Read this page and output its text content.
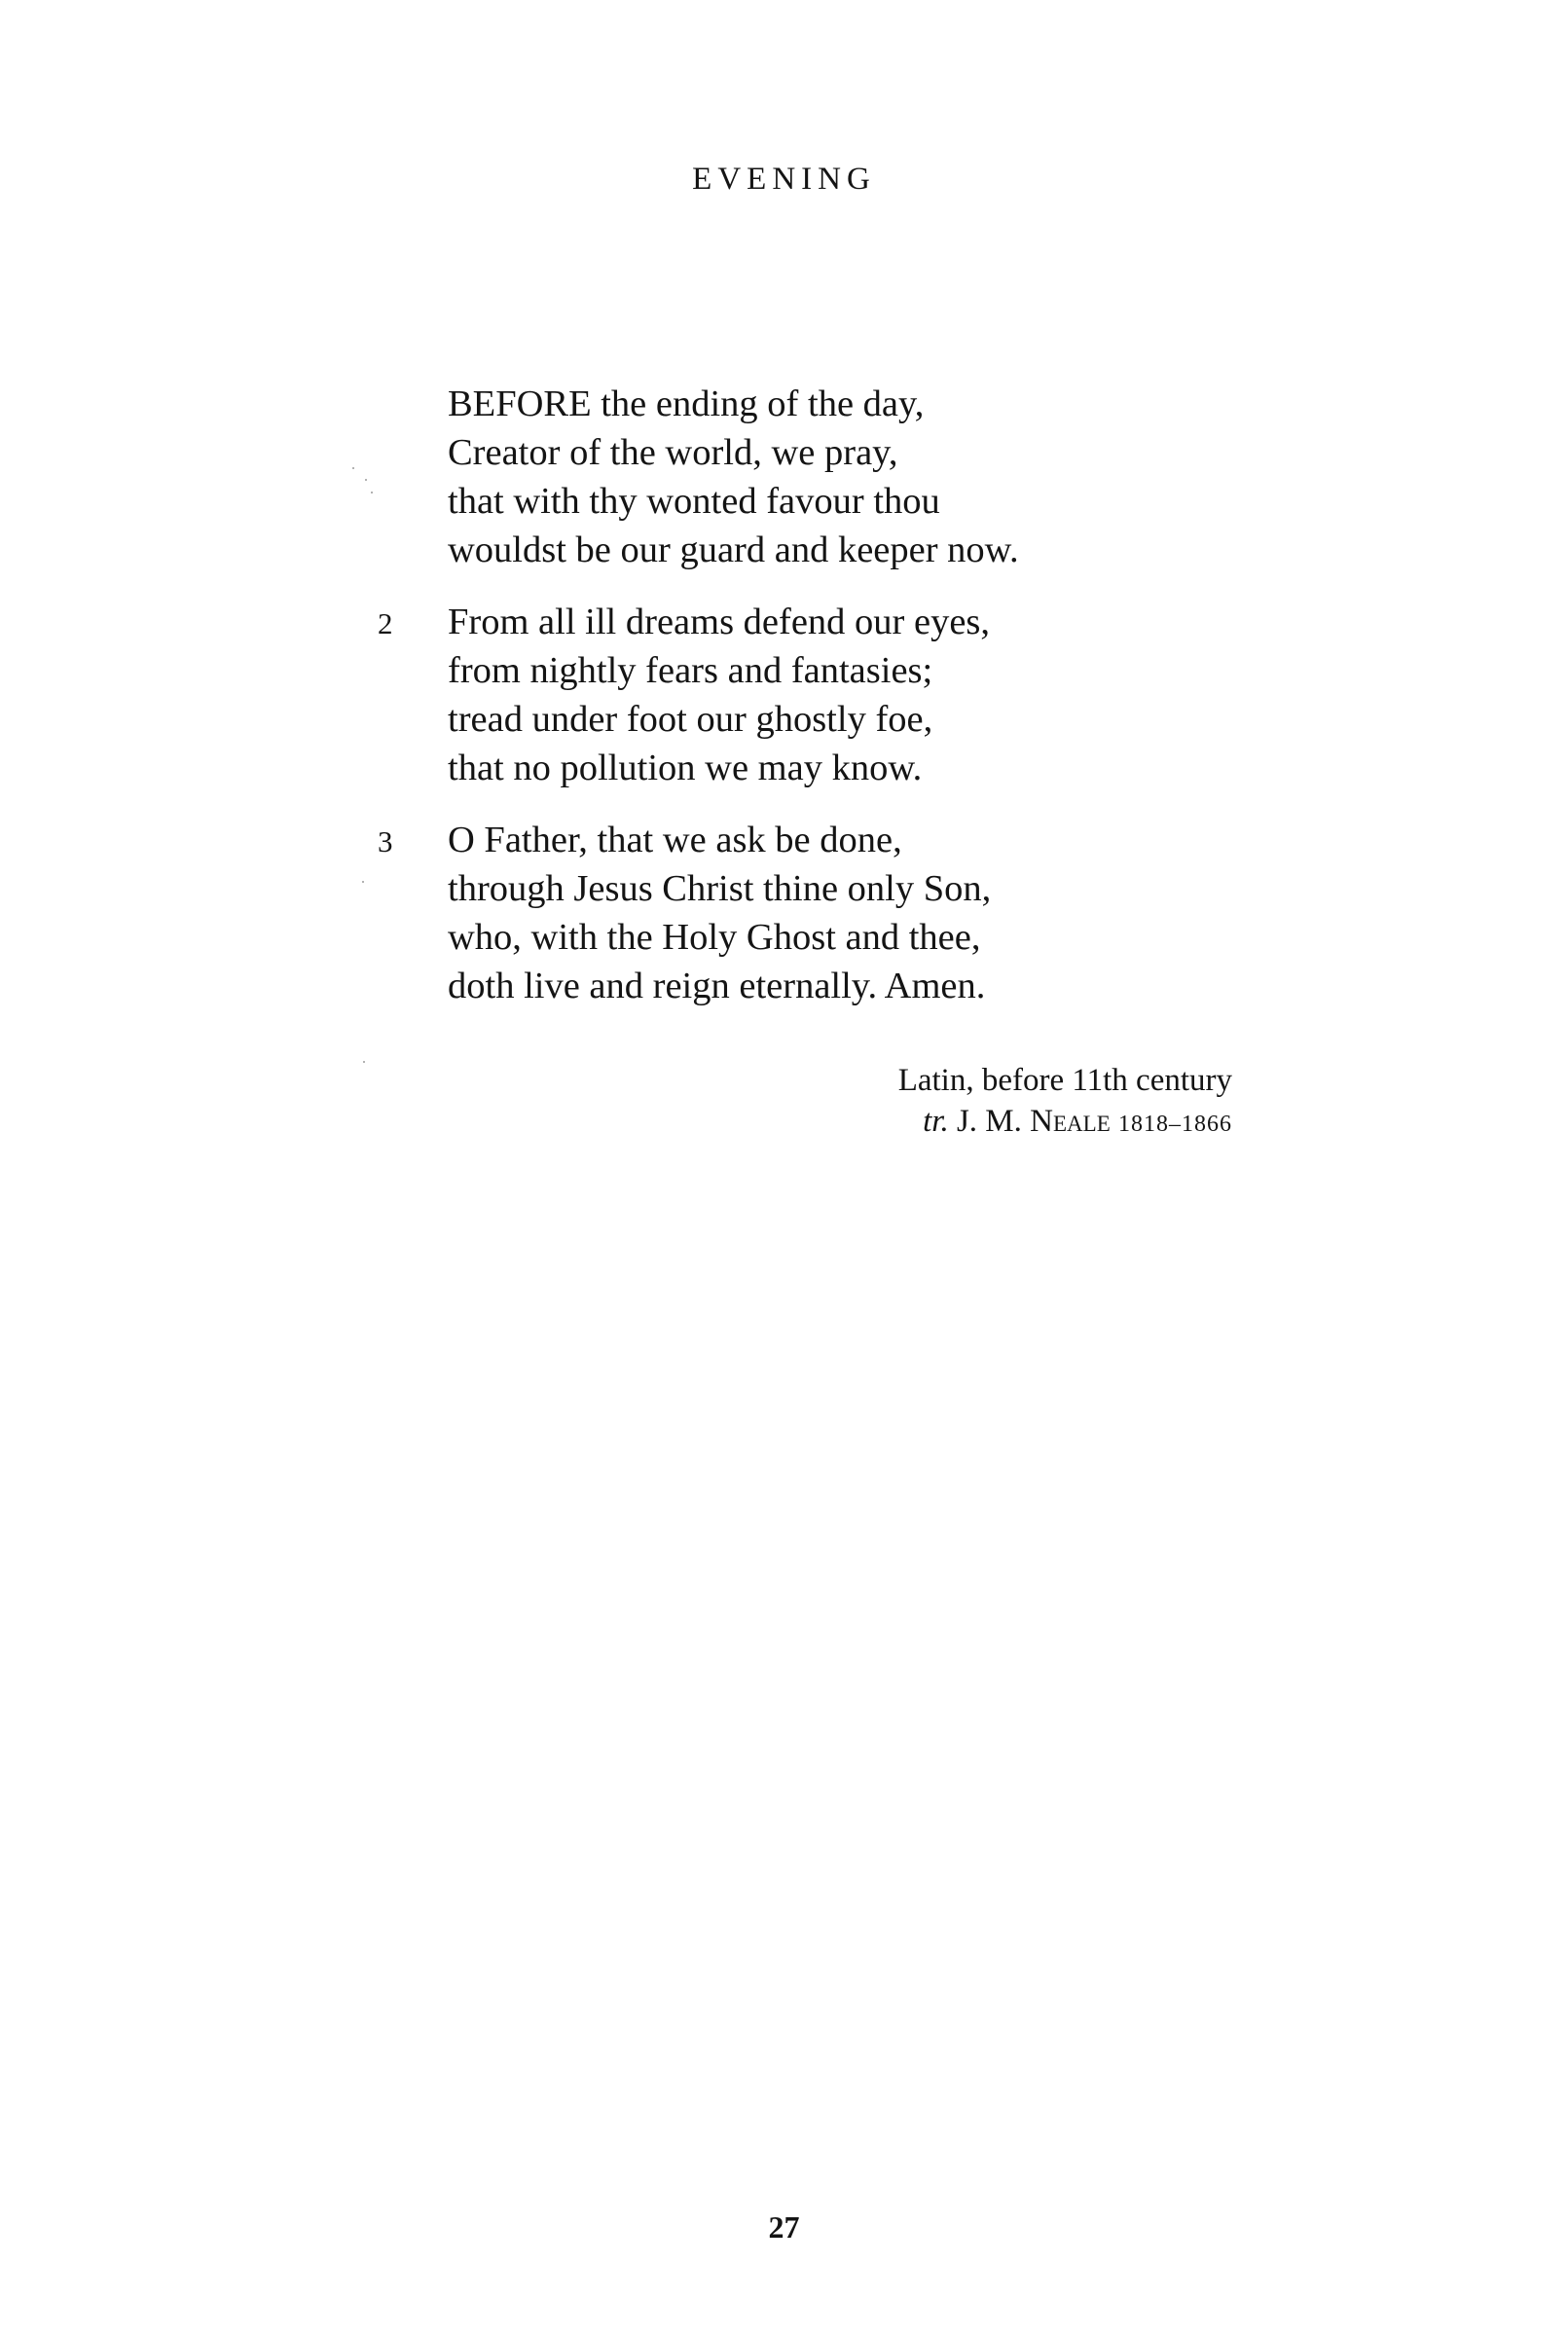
EVENING
BEFORE the ending of the day,
Creator of the world, we pray,
that with thy wonted favour thou
wouldst be our guard and keeper now.
2 From all ill dreams defend our eyes,
from nightly fears and fantasies;
tread under foot our ghostly foe,
that no pollution we may know.
3 O Father, that we ask be done,
through Jesus Christ thine only Son,
who, with the Holy Ghost and thee,
doth live and reign eternally. Amen.
Latin, before 11th century
tr. J. M. Neale 1818–1866
27
